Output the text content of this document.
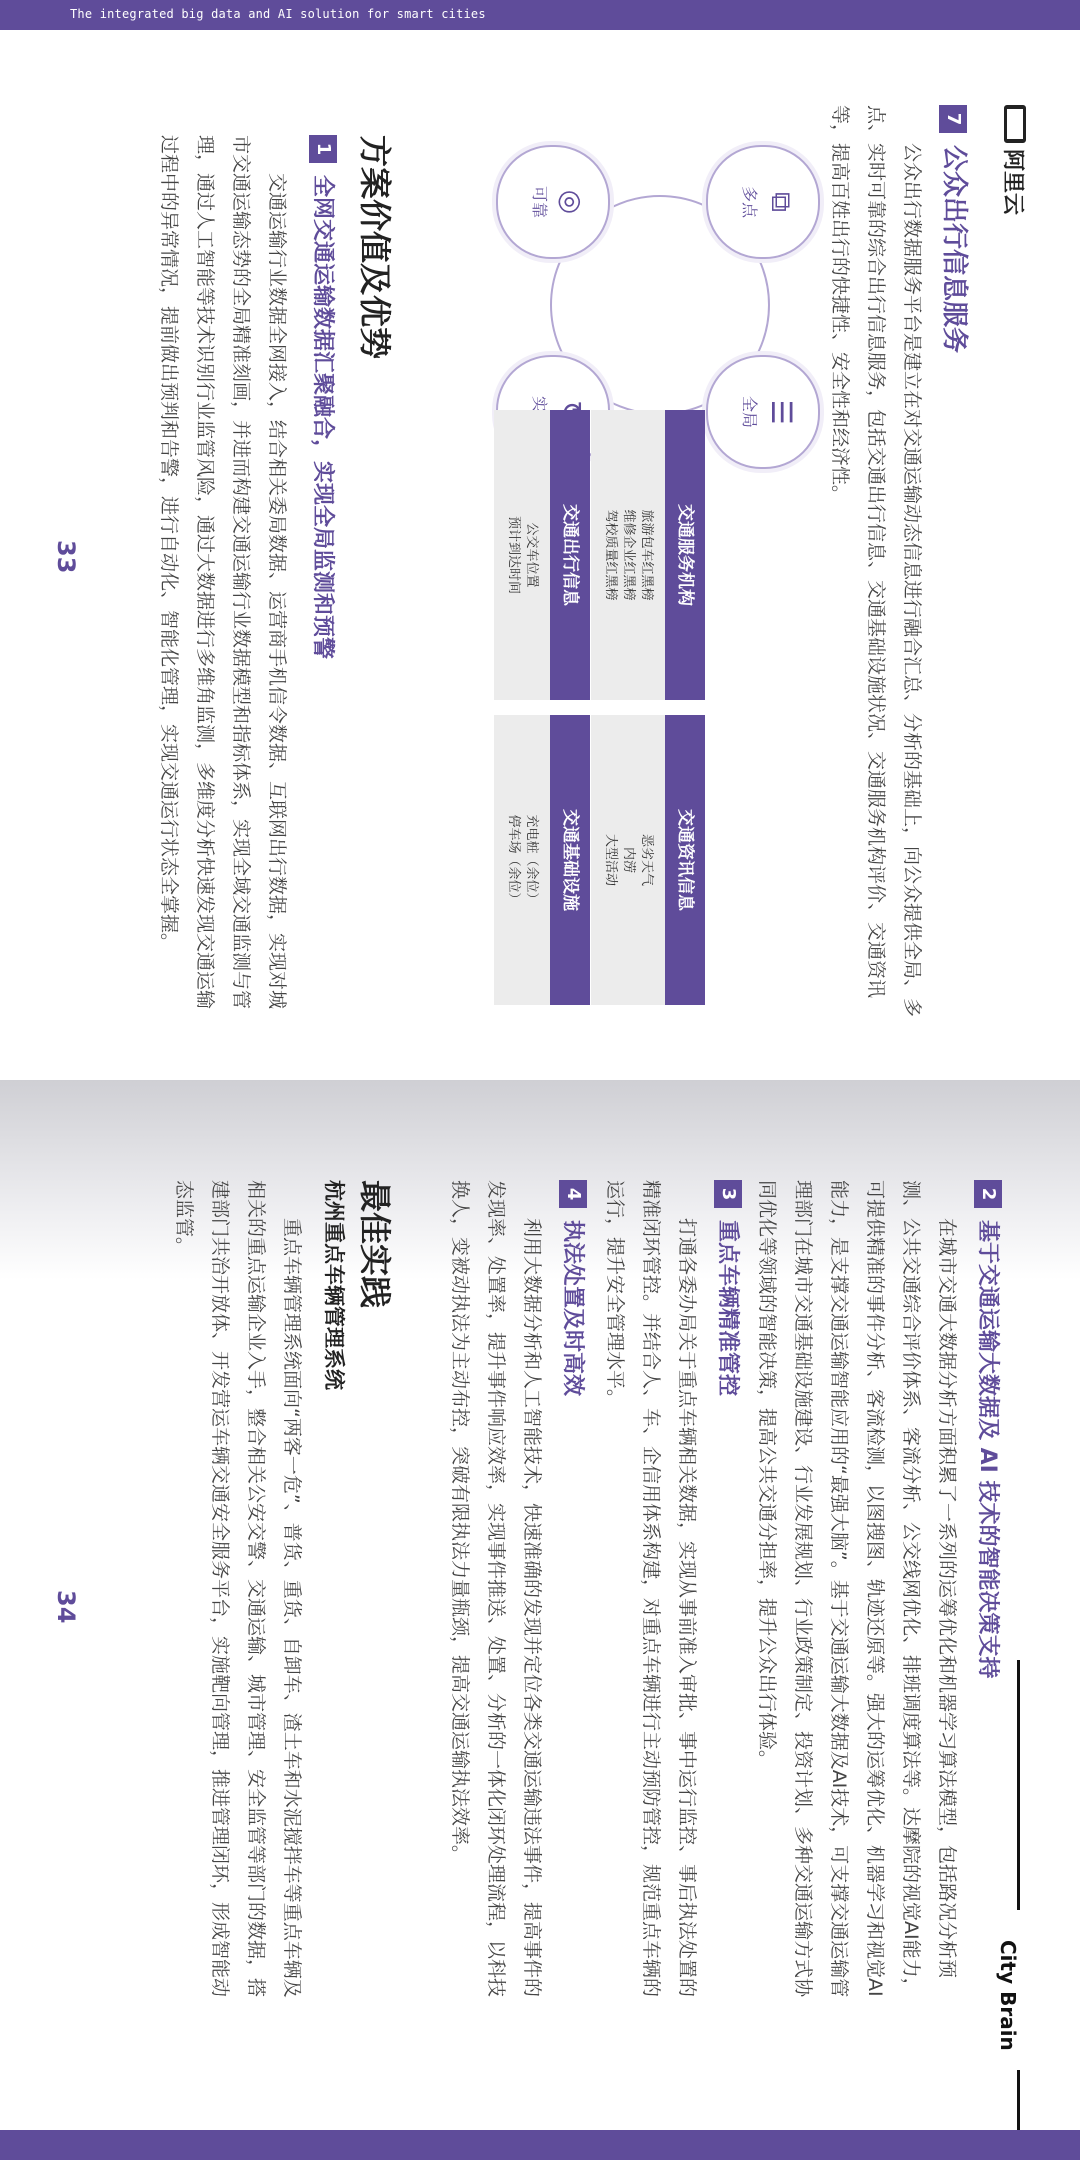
The integrated big data and AI solution for smart cities
阿里云
7公众出行信息服务
公众出行数据服务平台是建立在对交通运输动态信息进行融合汇总、分析的基础上，向公众提供全局、多点、实时可靠的综合出行信息服务，包括交通出行信息、交通基础设施状况、交通服务机构评价、交通资讯等，提高百姓出行的快捷性、安全性和经济性。
⧉
多点
☰
全局
◎
可靠
交通服务机构
旅游包车红黑榜
维修企业红黑榜
驾校质量红黑榜
交通资讯信息
恶劣天气
内涝
大型活动
交通出行信息
公交车位置
预计到达时间
交通基础设施
充电桩（余位）
停车场（余位）
方案价值及优势
1全网交通运输数据汇聚融合，实现全局监测和预警
交通运输行业数据全网接入，结合相关委局数据、运营商手机信令数据、互联网出行数据，实现对城市交通运输态势的全局精准刻画，并进而构建交通运输行业数据模型和指标体系，实现全域交通监测与管理，通过人工智能等技术识别行业监管风险，通过大数据进行多维角监测，多维度分析快速发现交通运输过程中的异常情况，提前做出预判和告警，进行自动化、智能化管理，实现交通运行状态全掌握。
33
2基于交通运输大数据及 AI 技术的智能决策支持
在城市交通大数据分析方面积累了一系列的运筹优化和机器学习算法模型，包括路况分析预测、公共交通综合评价体系、客流分析、公交线网优化、排班调度算法等。达摩院的视觉AI能力，可提供精准的事件分析、客流检测，以图搜图、轨迹还原等。强大的运筹优化、机器学习和视觉AI能力，是支撑交通运输智能应用的“最强大脑”。基于交通运输大数据及AI技术，可支撑交通运输管理部门在城市交通基础设施建设、行业发展规划、行业政策制定、投资计划、多种交通运输方式协同优化等领域的智能决策，提高公共交通分担率，提升公众出行体验。
3重点车辆精准管控
打通各委办局关于重点车辆相关数据，实现从事前准入审批、事中运行监控、事后执法处置的精准闭环管控。并结合人、车、企信用体系构建，对重点车辆进行主动预防管控，规范重点车辆的运行，提升安全管理水平。
4执法处置及时高效
利用大数据分析和人工智能技术，快速准确的发现并定位各类交通运输违法事件，提高事件的发现率、处置率，提升事件响应效率，实现事件推送、处置、分析的一体化闭环处理流程，以科技换人，变被动执法为主动布控，突破有限执法力量瓶颈，提高交通运输执法效率。
最佳实践
杭州重点车辆管理系统
重点车辆管理系统面向“两客一危”、普货、重货、自卸车、渣土车和水泥搅拌车等重点车辆及相关的重点运输企业入手，整合相关公安交警、交通运输、城市管理、安全监管等部门的数据，搭建部门共治开放体、开发营运车辆交通安全服务平台，实施靶向管理，推进管理闭环，形成智能动态监管。
34
City Brain
